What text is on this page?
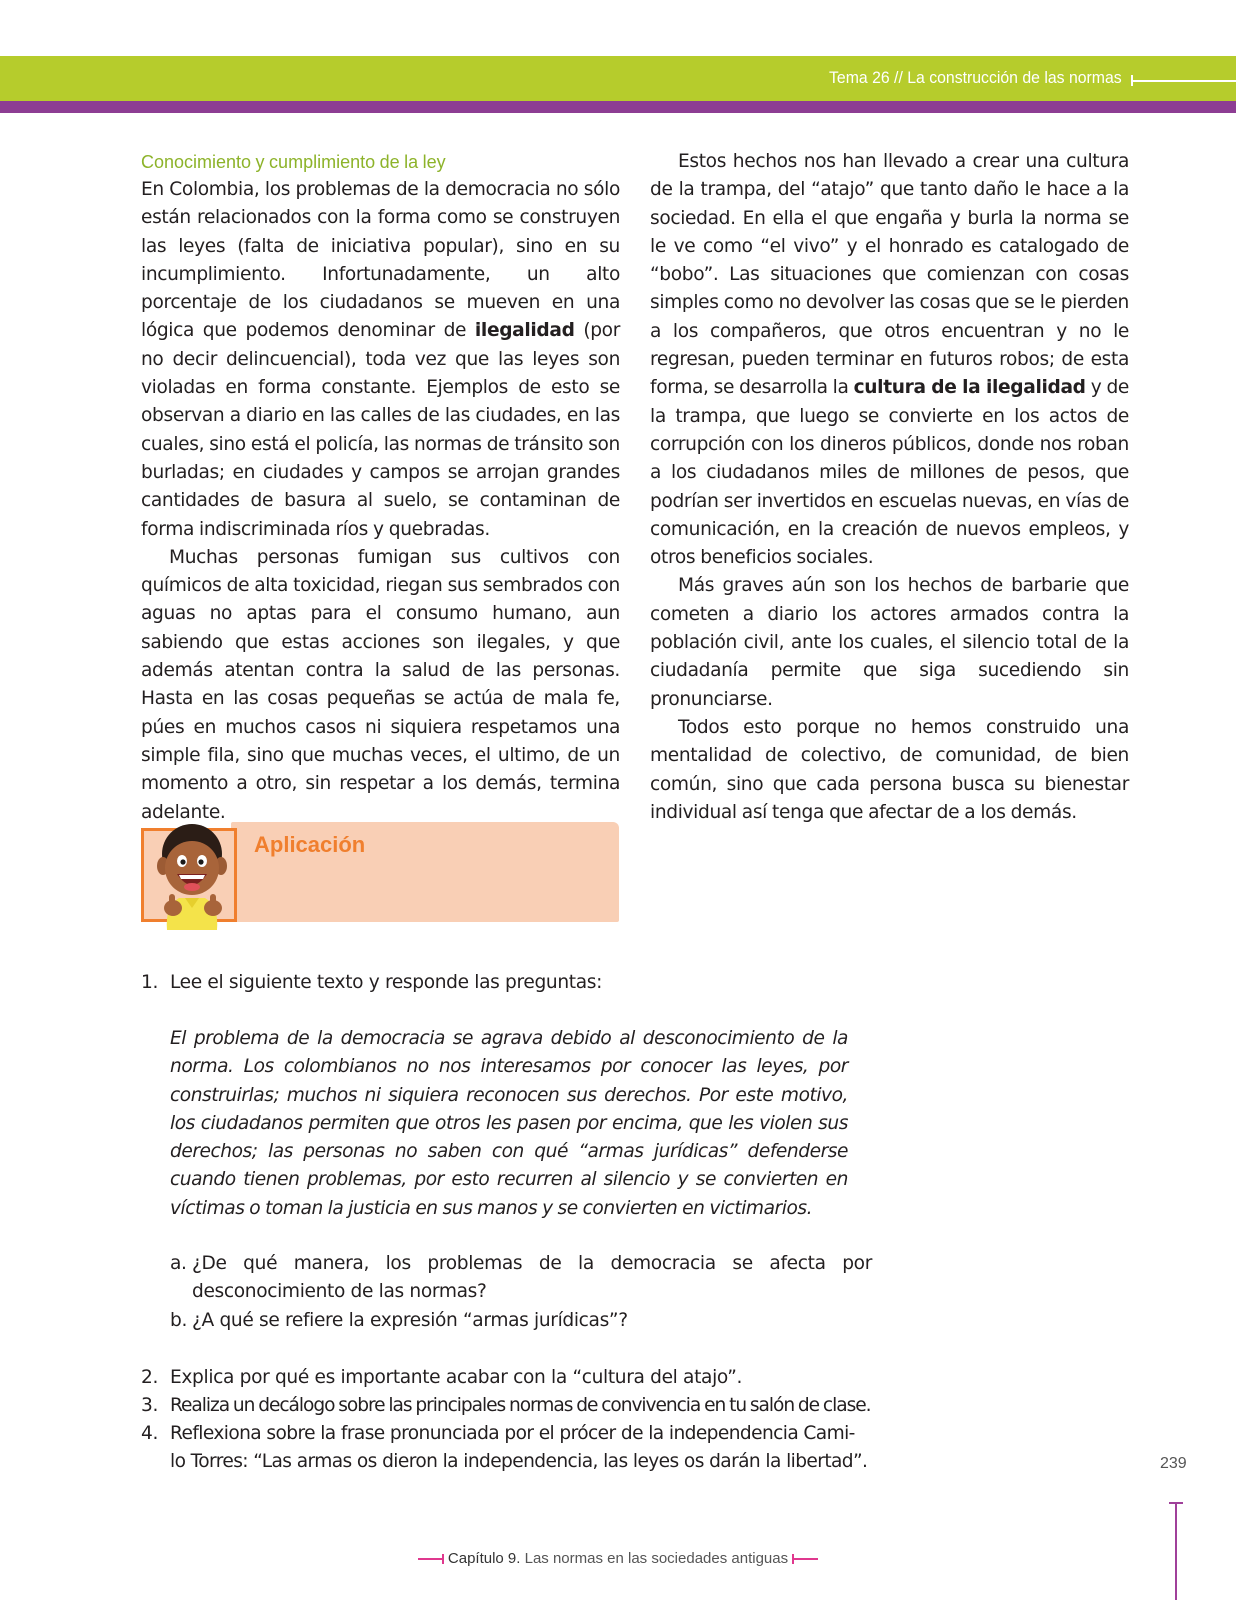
Tema 26 // La construcción de las normas
Conocimiento y cumplimiento de la ley

En Colombia, los problemas de la democracia no sólo están relacionados con la forma como se construyen las leyes (falta de iniciativa popular), sino en su incumplimiento. Infortunadamente, un alto porcentaje de los ciudadanos se mueven en una lógica que podemos denominar de ilegalidad (por no decir delincuencial), toda vez que las leyes son violadas en forma constante. Ejemplos de esto se observan a diario en las calles de las ciudades, en las cuales, sino está el policía, las normas de tránsito son burladas; en ciudades y campos se arrojan grandes cantidades de basura al suelo, se contaminan de forma indiscriminada ríos y quebradas.

Muchas personas fumigan sus cultivos con químicos de alta toxicidad, riegan sus sembrados con aguas no aptas para el consumo humano, aun sabiendo que estas acciones son ilegales, y que además atentan contra la salud de las personas. Hasta en las cosas pequeñas se actúa de mala fe, púes en muchos casos ni siquiera respetamos una simple fila, sino que muchas veces, el ultimo, de un momento a otro, sin respetar a los demás, termina adelante.

Estos hechos nos han llevado a crear una cultura de la trampa, del “atajo” que tanto daño le hace a la sociedad. En ella el que engaña y burla la norma se le ve como “el vivo” y el honrado es catalogado de “bobo”. Las situaciones que comienzan con cosas simples como no devolver las cosas que se le pierden a los compañeros, que otros encuentran y no le regresan, pueden terminar en futuros robos; de esta forma, se desarrolla la cultura de la ilegalidad y de la trampa, que luego se convierte en los actos de corrupción con los dineros públicos, donde nos roban a los ciudadanos miles de millones de pesos, que podrían ser invertidos en escuelas nuevas, en vías de comunicación, en la creación de nuevos empleos, y otros beneficios sociales.

Más graves aún son los hechos de barbarie que cometen a diario los actores armados contra la población civil, ante los cuales, el silencio total de la ciudadanía permite que siga sucediendo sin pronunciarse.

Todos esto porque no hemos construido una mentalidad de colectivo, de comunidad, de bien común, sino que cada persona busca su bienestar individual así tenga que afectar de a los demás.

Aplicación
1. Lee el siguiente texto y responde las preguntas:
El problema de la democracia se agrava debido al desconocimiento de la norma. Los colombianos no nos interesamos por conocer las leyes, por construirlas; muchos ni siquiera reconocen sus derechos. Por este motivo, los ciudadanos permiten que otros les pasen por encima, que les violen sus derechos; las personas no saben con qué “armas jurídicas” defenderse cuando tienen problemas, por esto recurren al silencio y se convierten en víctimas o toman la justicia en sus manos y se convierten en victimarios.
a. ¿De qué manera, los problemas de la democracia se afecta por desconocimiento de las normas?
b. ¿A qué se refiere la expresión “armas jurídicas”?
2. Explica por qué es importante acabar con la “cultura del atajo”.
3. Realiza un decálogo sobre las principales normas de convivencia en tu salón de clase.
4. Reflexiona sobre la frase pronunciada por el prócer de la independencia Cami-
lo Torres: “Las armas os dieron la independencia, las leyes os darán la libertad”.	239
Capítulo 9. Las normas en las sociedades antiguas
